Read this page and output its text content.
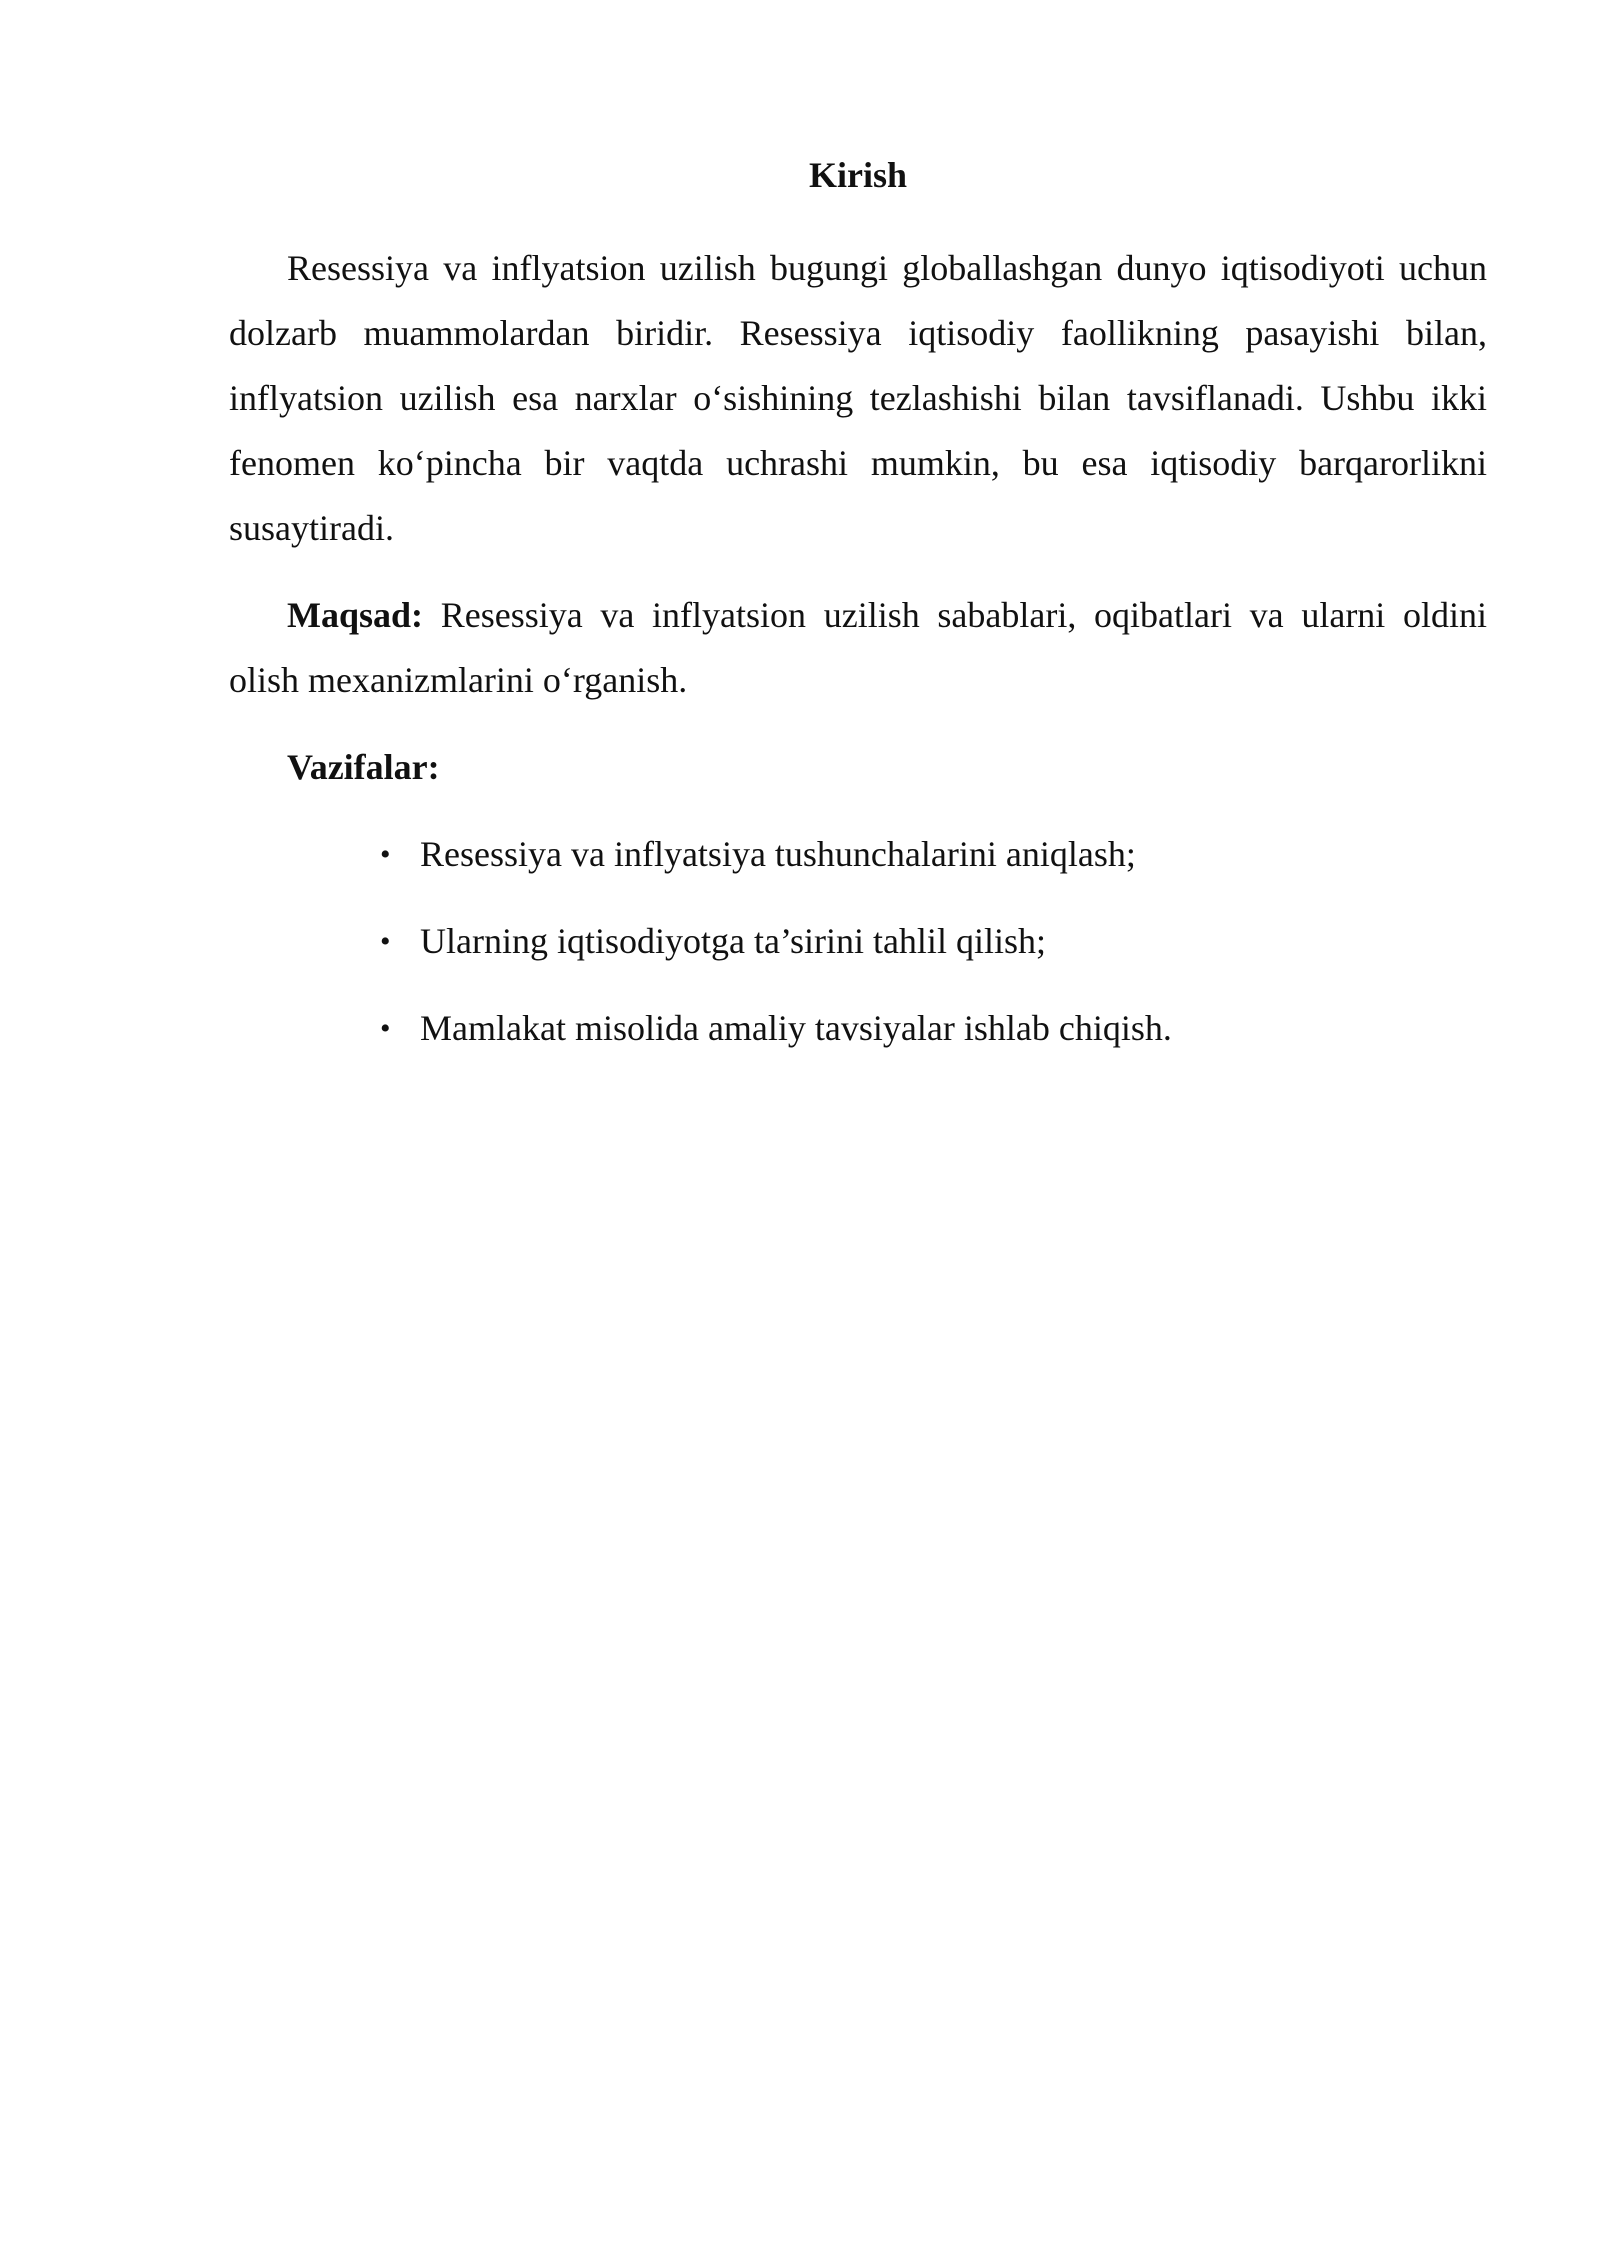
Kirish

Resessiya va inflyatsion uzilish bugungi globallashgan dunyo iqtisodiyoti uchun dolzarb muammolardan biridir. Resessiya iqtisodiy faollikning pasayishi bilan, inflyatsion uzilish esa narxlar o‘sishining tezlashishi bilan tavsiflanadi. Ushbu ikki fenomen ko‘pincha bir vaqtda uchrashi mumkin, bu esa iqtisodiy barqarorlikni susaytiradi.

Maqsad: Resessiya va inflyatsion uzilish sabablari, oqibatlari va ularni oldini olish mexanizmlarini o‘rganish.

Vazifalar:
• Resessiya va inflyatsiya tushunchalarini aniqlash;
• Ularning iqtisodiyotga ta’sirini tahlil qilish;
• Mamlakat misolida amaliy tavsiyalar ishlab chiqish.
